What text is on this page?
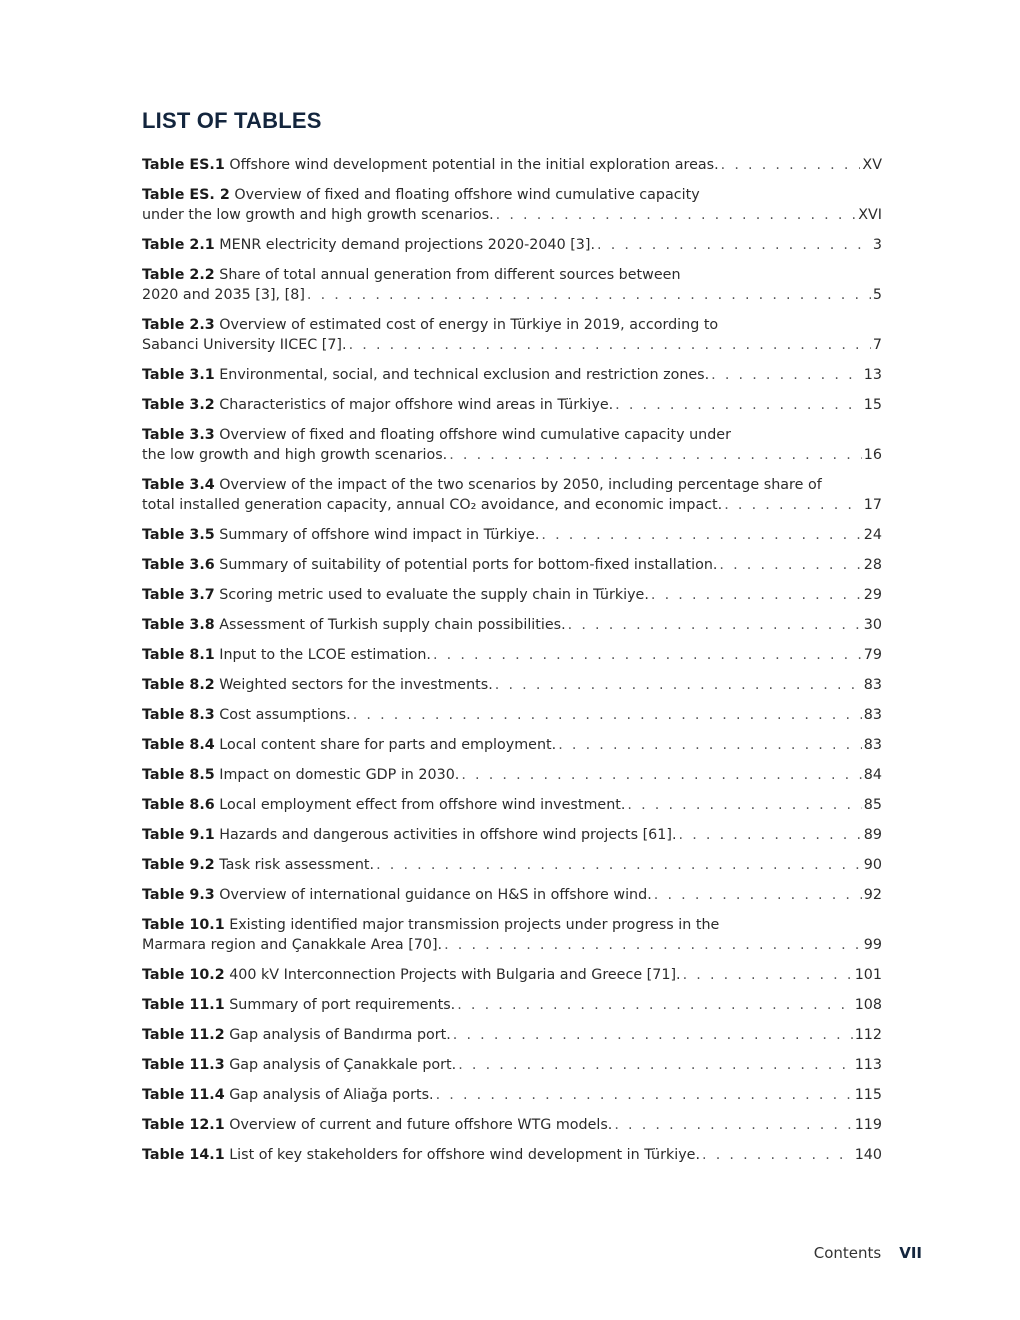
LIST OF TABLES
Table ES.1 Offshore wind development potential in the initial exploration areas. . . .	XV
Table ES. 2 Overview of fixed and floating offshore wind cumulative capacity
under the low growth and high growth scenarios. . . .	XVI
Table 2.1 MENR electricity demand projections 2020-2040 [3]. . . .	3
Table 2.2 Share of total annual generation from different sources between
2020 and 2035 [3], [8] . . .	5
Table 2.3 Overview of estimated cost of energy in Türkiye in 2019, according to
Sabanci University IICEC [7]. . . .	7
Table 3.1 Environmental, social, and technical exclusion and restriction zones. . . .	13
Table 3.2 Characteristics of major offshore wind areas in Türkiye. . . .	15
Table 3.3 Overview of fixed and floating offshore wind cumulative capacity under
the low growth and high growth scenarios. . . .	16
Table 3.4 Overview of the impact of the two scenarios by 2050, including percentage share of
total installed generation capacity, annual CO₂ avoidance, and economic impact. . . .	17
Table 3.5 Summary of offshore wind impact in Türkiye. . . .	24
Table 3.6 Summary of suitability of potential ports for bottom-fixed installation. . . .	28
Table 3.7 Scoring metric used to evaluate the supply chain in Türkiye. . . .	29
Table 3.8 Assessment of Turkish supply chain possibilities. . . .	30
Table 8.1 Input to the LCOE estimation. . . .	79
Table 8.2 Weighted sectors for the investments. . . .	83
Table 8.3 Cost assumptions. . . .	83
Table 8.4 Local content share for parts and employment. . . .	83
Table 8.5 Impact on domestic GDP in 2030. . . .	84
Table 8.6 Local employment effect from offshore wind investment. . . .	85
Table 9.1 Hazards and dangerous activities in offshore wind projects [61]. . . .	89
Table 9.2 Task risk assessment. . . .	90
Table 9.3 Overview of international guidance on H&S in offshore wind. . . .	92
Table 10.1 Existing identified major transmission projects under progress in the
Marmara region and Çanakkale Area [70]. . . .	99
Table 10.2 400 kV Interconnection Projects with Bulgaria and Greece [71]. . . .	101
Table 11.1 Summary of port requirements. . . .	108
Table 11.2 Gap analysis of Bandırma port. . . .	112
Table 11.3 Gap analysis of Çanakkale port. . . .	113
Table 11.4 Gap analysis of Aliağa ports. . . .	115
Table 12.1 Overview of current and future offshore WTG models. . . .	119
Table 14.1 List of key stakeholders for offshore wind development in Türkiye. . . .	140
Contents VII
